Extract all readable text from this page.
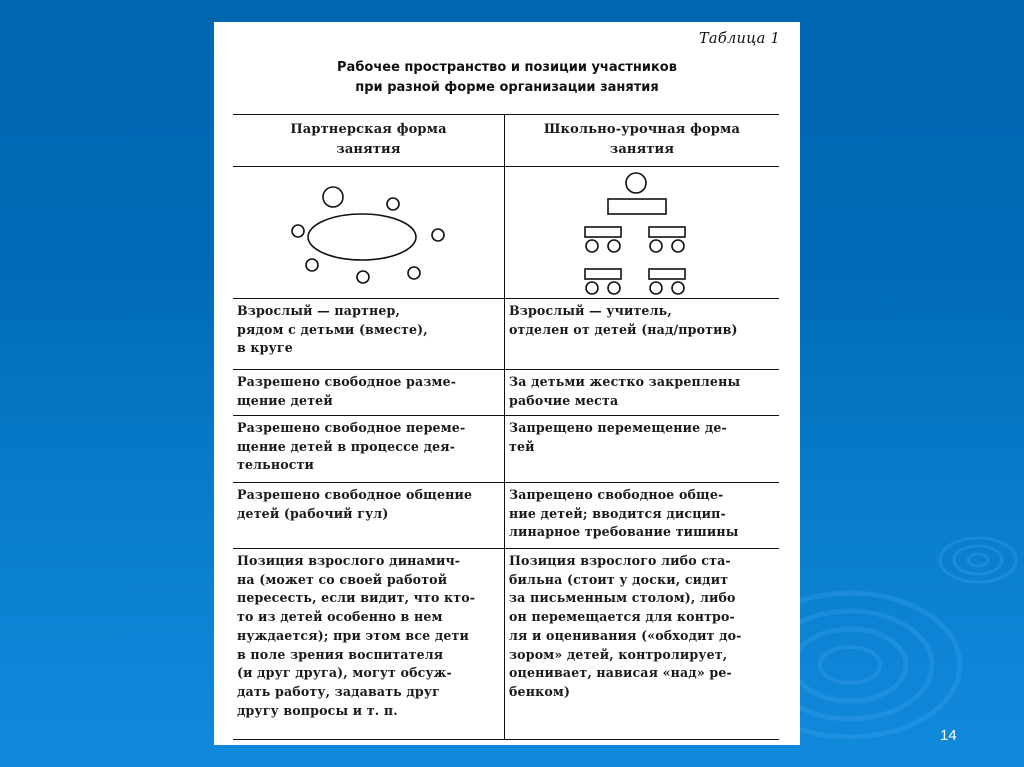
Таблица 1
Рабочее пространство и позиции участников
при разной форме организации занятия
Партнерская форма
занятия
Школьно-урочная форма
занятия

Взрослый — партнер,
рядом с детьми (вместе),
в круге
Взрослый — учитель,
отделен от детей (над/против)
Разрешено свободное разме-
щение детей
За детьми жестко закреплены
рабочие места
Разрешено свободное переме-
щение детей в процессе дея-
тельности
Запрещено перемещение де-
тей
Разрешено свободное общение
детей (рабочий гул)
Запрещено свободное обще-
ние детей; вводится дисцип-
линарное требование тишины
Позиция взрослого динамич-
на (может со своей работой
пересесть, если видит, что кто-
то из детей особенно в нем
нуждается); при этом все дети
в поле зрения воспитателя
(и друг друга), могут обсуж-
дать работу, задавать друг
другу вопросы и т. п.
Позиция взрослого либо ста-
бильна (стоит у доски, сидит
за письменным столом), либо
он перемещается для контро-
ля и оценивания («обходит до-
зором» детей, контролирует,
оценивает, нависая «над» ре-
бенком)
14
